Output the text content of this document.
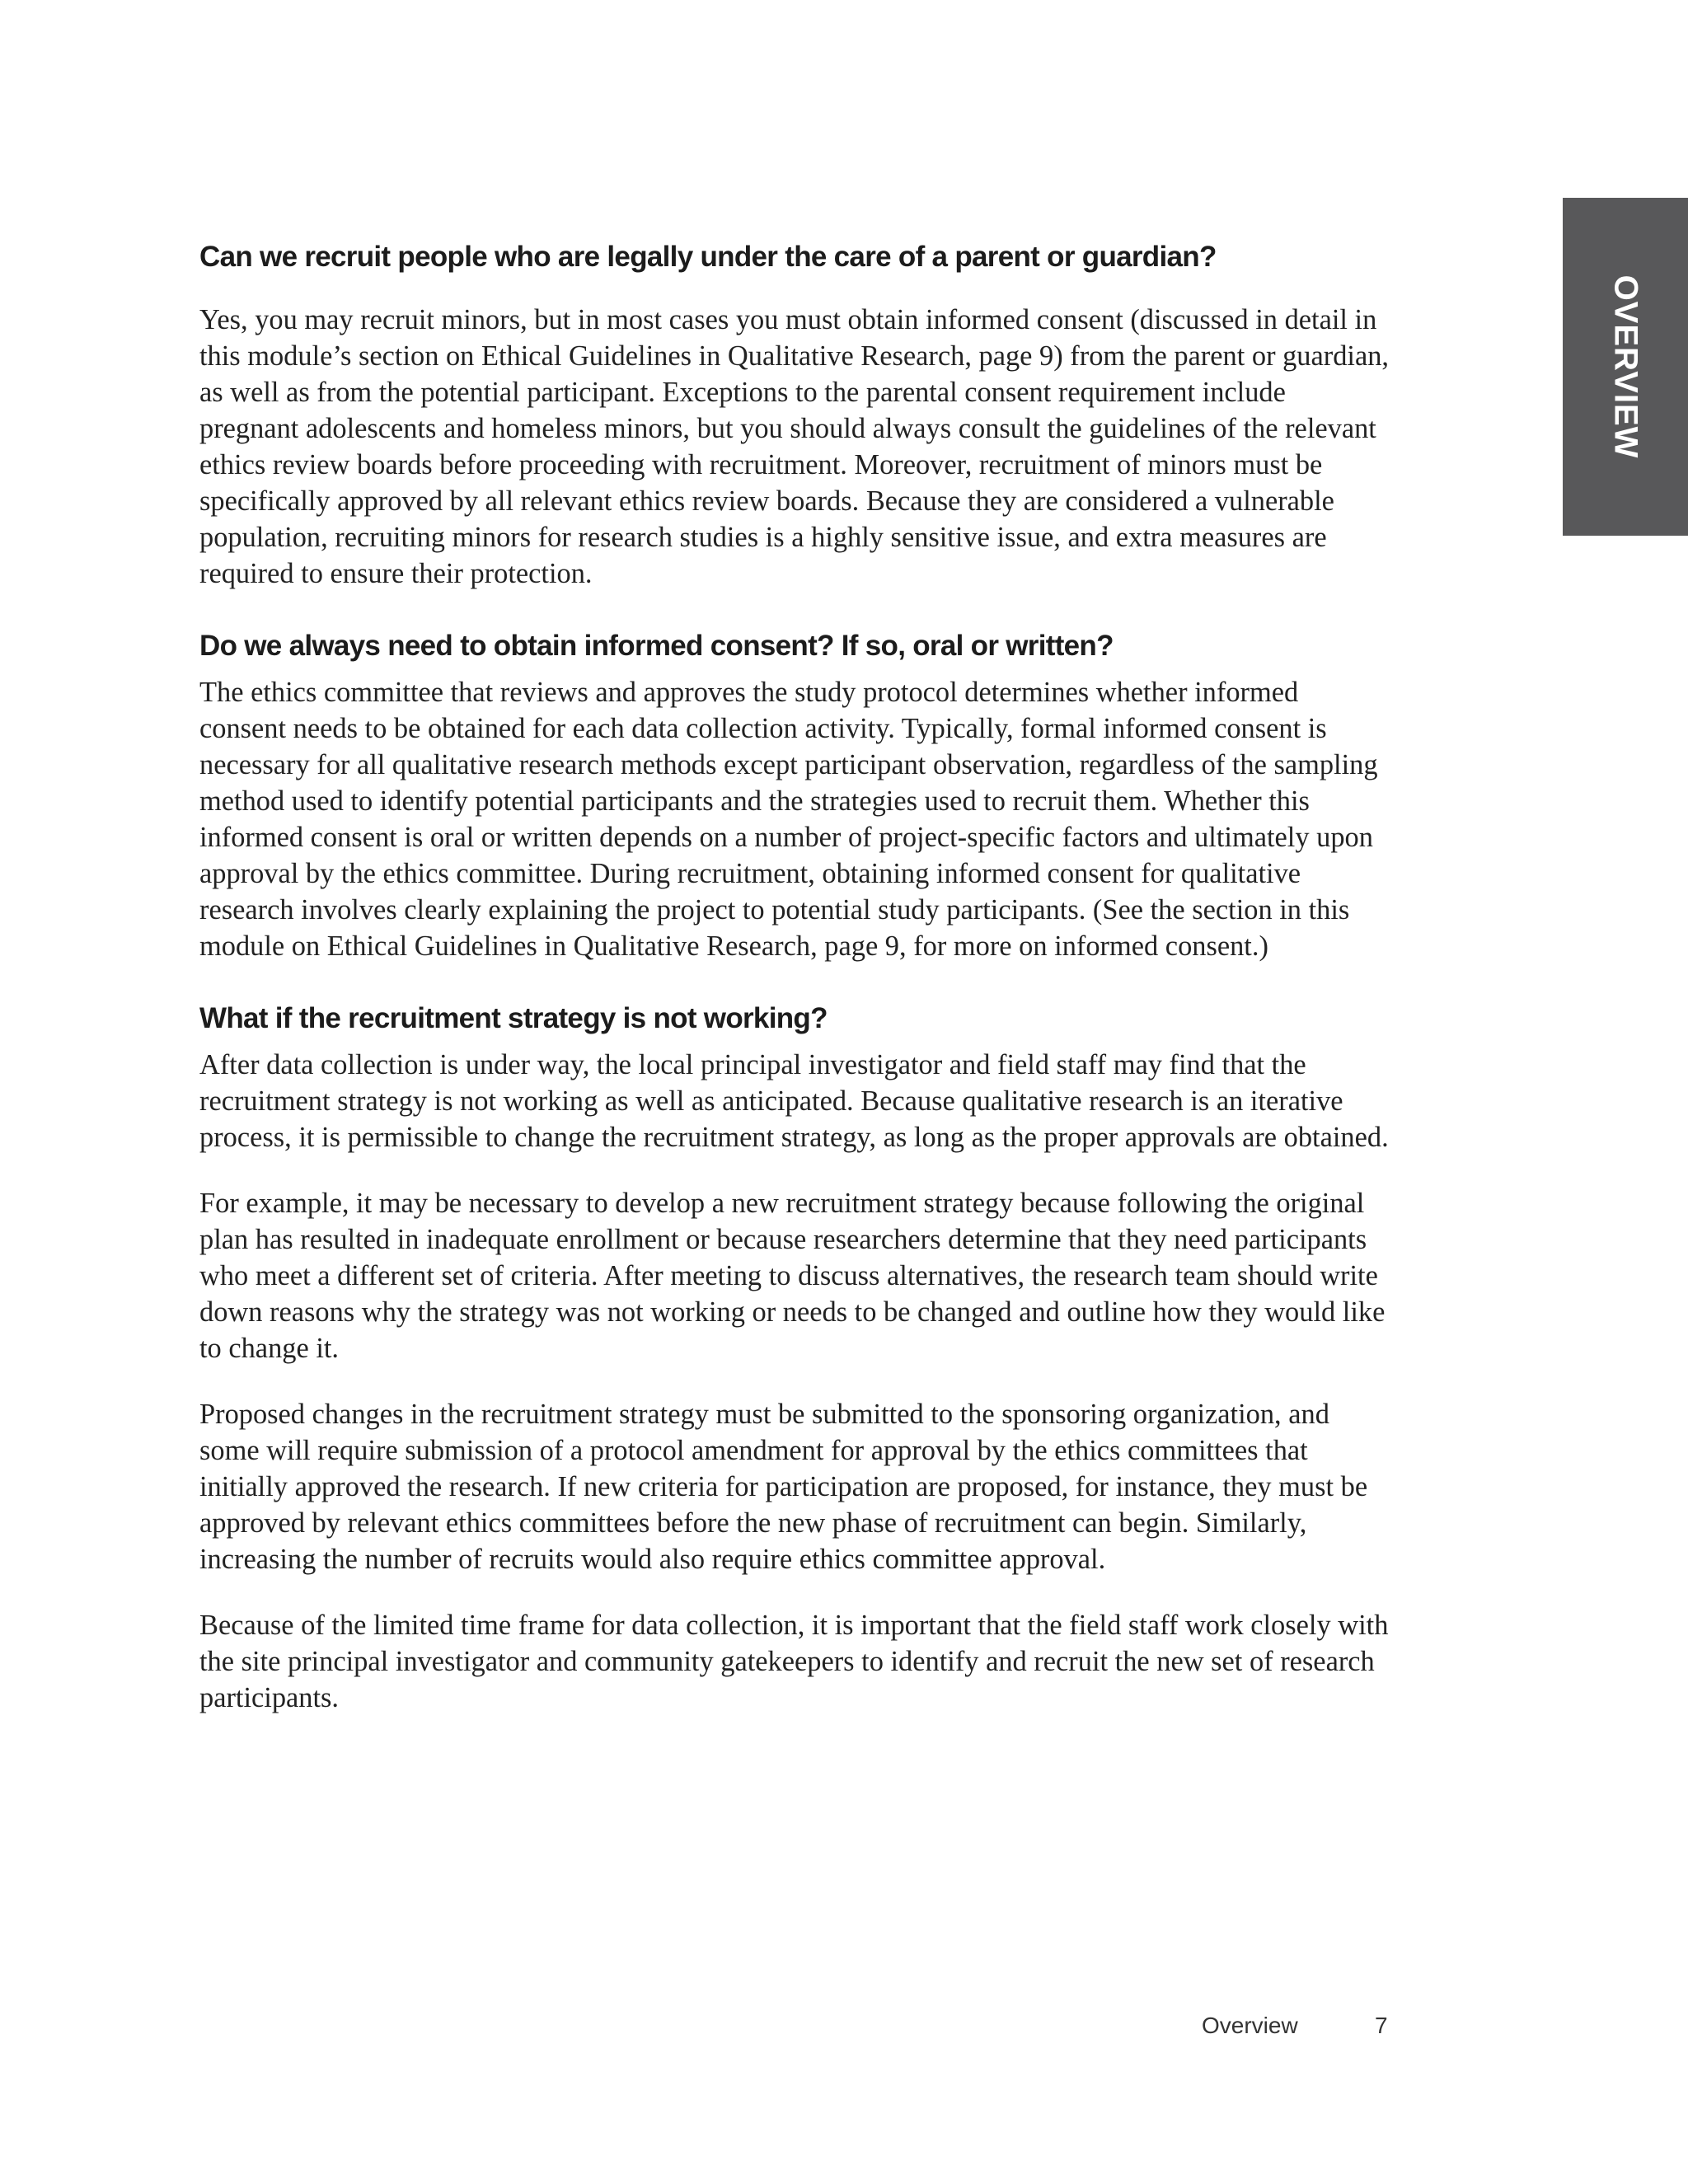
OVERVIEW
Can we recruit people who are legally under the care of a parent or guardian?

Yes, you may recruit minors, but in most cases you must obtain informed consent (discussed in detail in this module’s section on Ethical Guidelines in Qualitative Research, page 9) from the parent or guardian, as well as from the potential participant. Exceptions to the parental consent requirement include pregnant adolescents and homeless minors, but you should always consult the guidelines of the relevant ethics review boards before proceeding with recruitment. Moreover, recruitment of minors must be specifically approved by all relevant ethics review boards. Because they are considered a vulnerable population, recruiting minors for research studies is a highly sensitive issue, and extra measures are required to ensure their protection.

Do we always need to obtain informed consent? If so, oral or written?

The ethics committee that reviews and approves the study protocol determines whether informed consent needs to be obtained for each data collection activity. Typically, formal informed consent is necessary for all qualitative research methods except participant observation, regardless of the sampling method used to identify potential participants and the strategies used to recruit them. Whether this informed consent is oral or written depends on a number of project-specific factors and ultimately upon approval by the ethics committee. During recruitment, obtaining informed consent for qualitative research involves clearly explaining the project to potential study participants. (See the section in this module on Ethical Guidelines in Qualitative Research, page 9, for more on informed consent.)

What if the recruitment strategy is not working?

After data collection is under way, the local principal investigator and field staff may find that the recruitment strategy is not working as well as anticipated. Because qualitative research is an iterative process, it is permissible to change the recruitment strategy, as long as the proper approvals are obtained.

For example, it may be necessary to develop a new recruitment strategy because following the original plan has resulted in inadequate enrollment or because researchers determine that they need participants who meet a different set of criteria. After meeting to discuss alternatives, the research team should write down reasons why the strategy was not working or needs to be changed and outline how they would like to change it.

Proposed changes in the recruitment strategy must be submitted to the sponsoring organization, and some will require submission of a protocol amendment for approval by the ethics committees that initially approved the research. If new criteria for participation are proposed, for instance, they must be approved by relevant ethics committees before the new phase of recruitment can begin. Similarly, increasing the number of recruits would also require ethics committee approval.

Because of the limited time frame for data collection, it is important that the field staff work closely with the site principal investigator and community gatekeepers to identify and recruit the new set of research participants.

Overview	7
